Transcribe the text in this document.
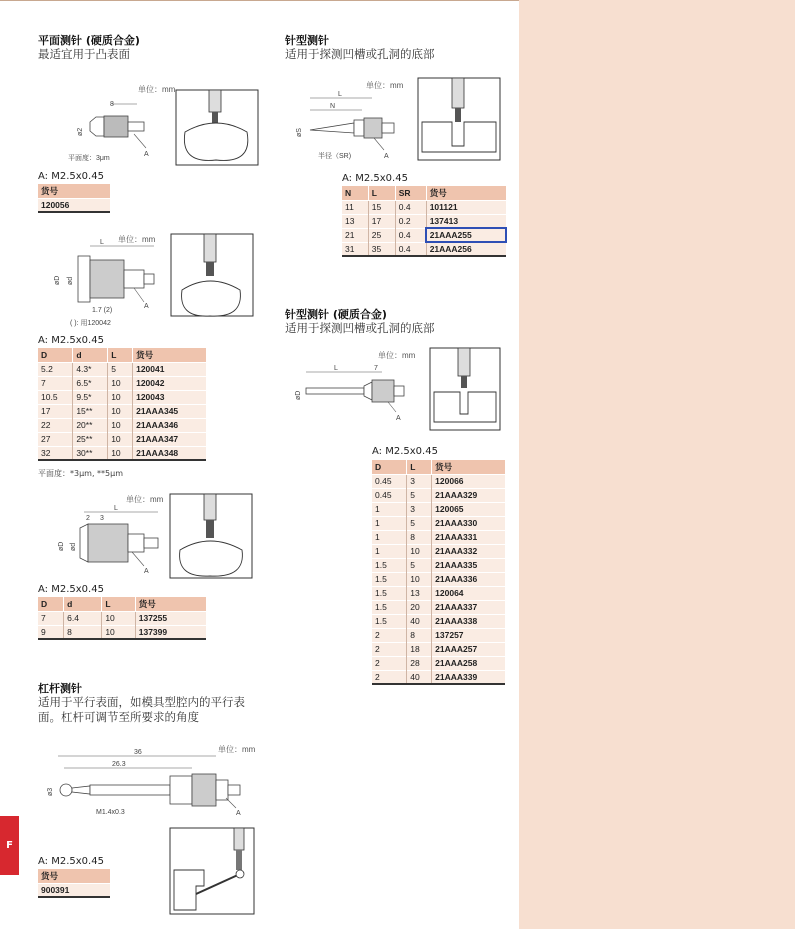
F
平面测针 (硬质合金)
最适宜用于凸表面
单位：mm
8
ø2
平面度：3μm
A
A: M2.5x0.45
货号
120056
单位：mm
L
øD ød
1.7 (2)
( ): 用120042
A
A: M2.5x0.45
D	d	L	货号
5.2	4.3*	5	120041
7	6.5*	10	120042
10.5	9.5*	10	120043
17	15**	10	21AAA345
22	20**	10	21AAA346
27	25**	10	21AAA347
32	30**	10	21AAA348
平面度：*3μm, **5μm
单位：mm
L
2 3
øD ød
A
A: M2.5x0.45
D	d	L	货号
7	6.4	10	137255
9	8	10	137399
杠杆测针
适用于平行表面，如模具型腔内的平行表面。杠杆可调节至所要求的角度
单位：mm
36
26.3
ø3
M1.4x0.3	A
A: M2.5x0.45
货号
900391
针型测针
适用于探测凹槽或孔洞的底部
单位：mm
L
N
øS
半径（SR)	A
A: M2.5x0.45
N	L	SR	货号
11	15	0.4	101121
13	17	0.2	137413
21	25	0.4	21AAA255
31	35	0.4	21AAA256
针型测针 (硬质合金)
适用于探测凹槽或孔洞的底部
单位：mm
L	7
øD
A
A: M2.5x0.45
D	L	货号
0.45	3	120066
0.45	5	21AAA329
1	3	120065
1	5	21AAA330
1	8	21AAA331
1	10	21AAA332
1.5	5	21AAA335
1.5	10	21AAA336
1.5	13	120064
1.5	20	21AAA337
1.5	40	21AAA338
2	8	137257
2	18	21AAA257
2	28	21AAA258
2	40	21AAA339
